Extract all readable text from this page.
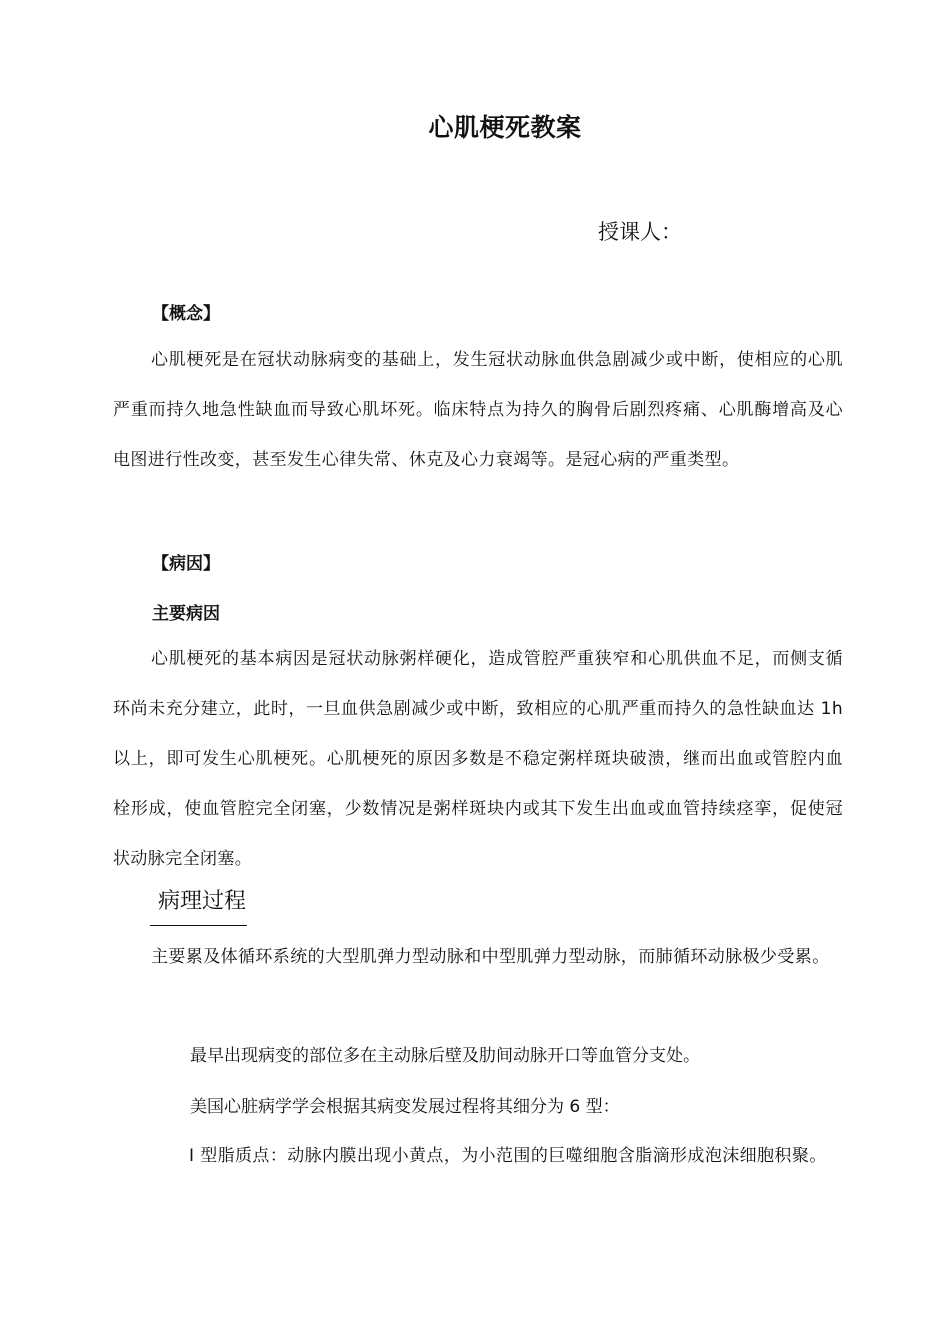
心肌梗死教案
授课人：
【概念】
心肌梗死是在冠状动脉病变的基础上，发生冠状动脉血供急剧减少或中断，使相应的心肌严重而持久地急性缺血而导致心肌坏死。临床特点为持久的胸骨后剧烈疼痛、心肌酶增高及心电图进行性改变，甚至发生心律失常、休克及心力衰竭等。是冠心病的严重类型。
【病因】
主要病因
心肌梗死的基本病因是冠状动脉粥样硬化，造成管腔严重狭窄和心肌供血不足，而侧支循环尚未充分建立，此时，一旦血供急剧减少或中断，致相应的心肌严重而持久的急性缺血达 1h 以上，即可发生心肌梗死。心肌梗死的原因多数是不稳定粥样斑块破溃，继而出血或管腔内血栓形成，使血管腔完全闭塞，少数情况是粥样斑块内或其下发生出血或血管持续痉挛，促使冠状动脉完全闭塞。
病理过程
主要累及体循环系统的大型肌弹力型动脉和中型肌弹力型动脉，而肺循环动脉极少受累。
最早出现病变的部位多在主动脉后壁及肋间动脉开口等血管分支处。
美国心脏病学学会根据其病变发展过程将其细分为 6 型：
Ⅰ 型脂质点：动脉内膜出现小黄点，为小范围的巨噬细胞含脂滴形成泡沫细胞积聚。
